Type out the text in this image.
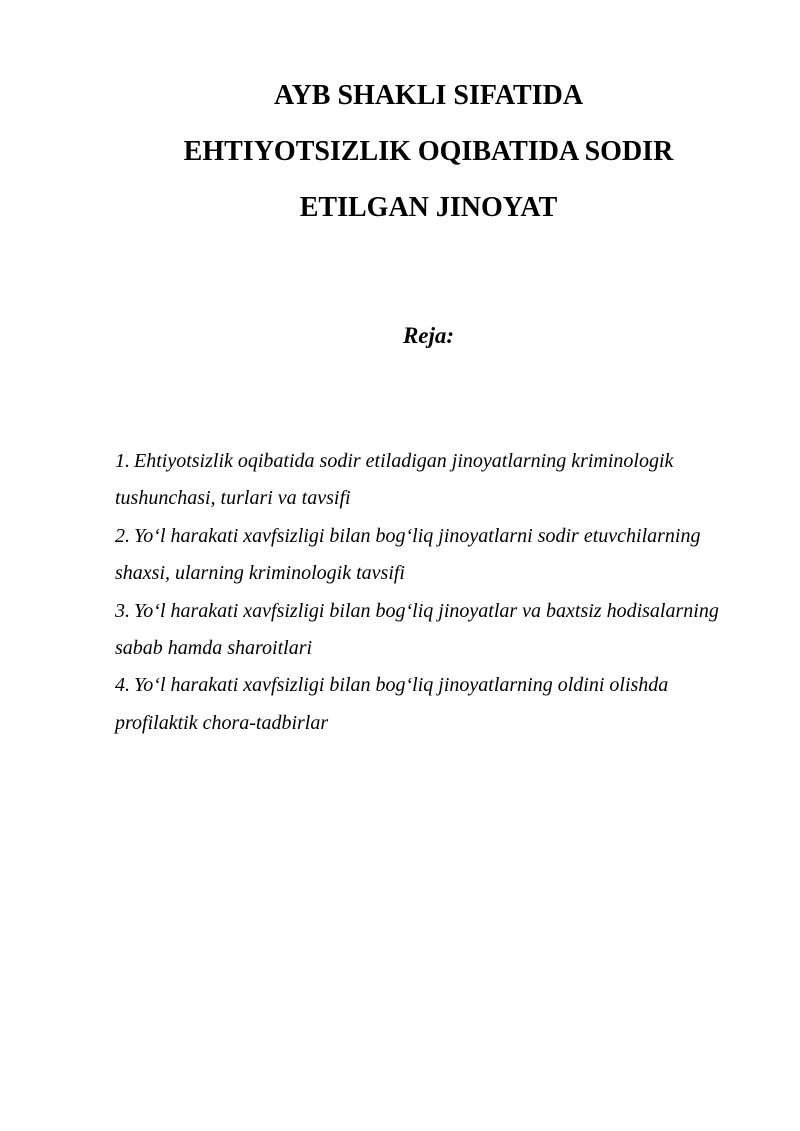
AYB SHAKLI SIFATIDA
EHTIYOTSIZLIK OQIBATIDA SODIR
ETILGAN JINOYAT
Reja:
1. Ehtiyotsizlik oqibatida sodir etiladigan jinoyatlarning kriminologik tushunchasi, turlari va tavsifi
2. Yo‘l harakati xavfsizligi bilan bog‘liq jinoyatlarni sodir etuvchilarning shaxsi, ularning kriminologik tavsifi
3. Yo‘l harakati xavfsizligi bilan bog‘liq jinoyatlar va baxtsiz hodisalarning sabab hamda sharoitlari
4. Yo‘l harakati xavfsizligi bilan bog‘liq jinoyatlarning oldini olishda profilaktik chora-tadbirlar
